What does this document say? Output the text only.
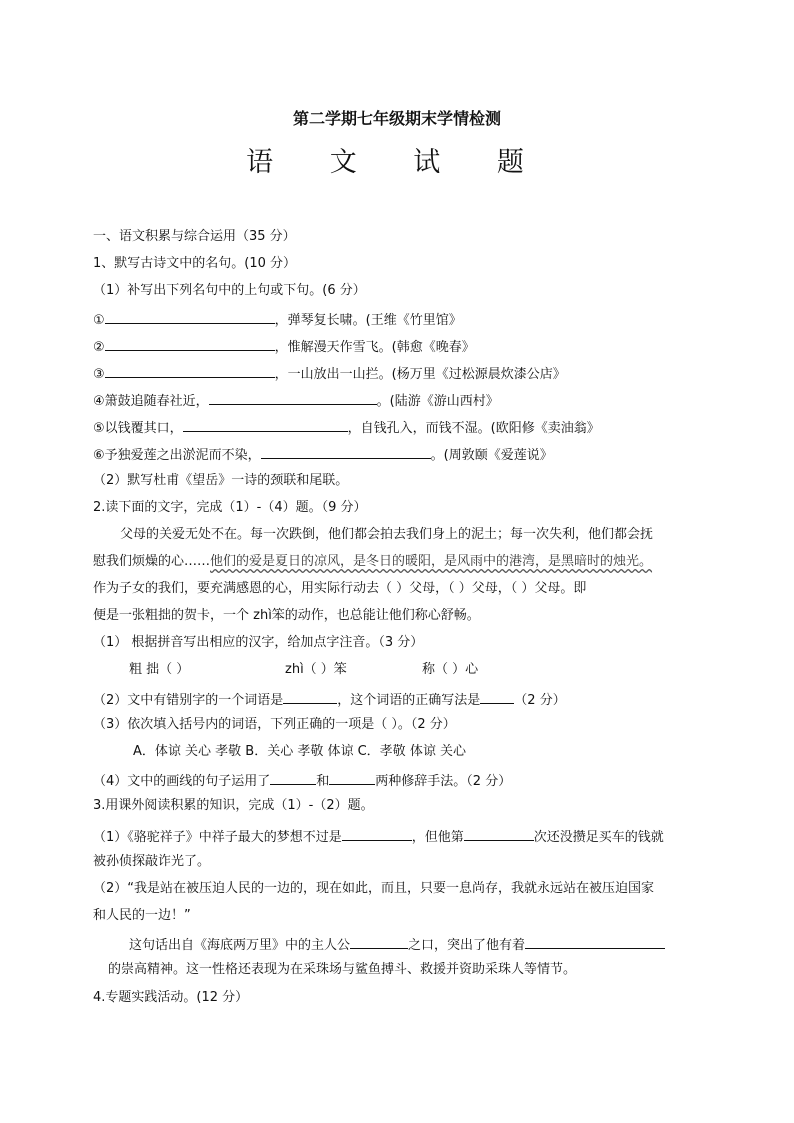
第二学期七年级期末学情检测
语 文 试 题
一、语文积累与综合运用（35 分）
1、默写古诗文中的名句。(10 分）
（1）补写出下列名句中的上句或下句。(6 分）
①	，弹琴复长啸。(王维《竹里馆》
②	，惟解漫天作雪飞。(韩愈《晚春》
③	，一山放出一山拦。(杨万里《过松源晨炊漆公店》
④箫鼓追随春社近，	。(陆游《游山西村》
⑤以钱覆其口，	，自钱孔入，而钱不湿。(欧阳修《卖油翁》
⑥予独爱莲之出淤泥而不染，	。(周敦颐《爱莲说》
（2）默写杜甫《望岳》一诗的颈联和尾联。
2.读下面的文字，完成（1）-（4）题。（9 分）
父母的关爱无处不在。每一次跌倒，他们都会拍去我们身上的泥土；每一次失利，他们都会抚
慰我们烦燥的心……他们的爱是夏日的凉风，是冬日的暖阳，是风雨中的港湾，是黑暗时的烛光。
作为子女的我们，要充满感恩的心，用实际行动去（ ）父母，（ ）父母，（ ）父母。即
便是一张粗拙的贺卡，一个 zhì笨的动作，也总能让他们称心舒畅。
（1） 根据拼音写出相应的汉字，给加点字注音。（3 分）
粗 拙（ ）	zhì（ ）笨	称（ ）心
（2）文中有错别字的一个词语是	，这个词语的正确写法是	（2 分）
（3）依次填入括号内的词语，下列正确的一项是（ ）。（2 分）
A．体谅 关心 孝敬 B．关心 孝敬 体谅 C．孝敬 体谅 关心
（4）文中的画线的句子运用了	和	两种修辞手法。（2 分）
3.用课外阅读积累的知识，完成（1）-（2）题。
（1）《骆驼祥子》中祥子最大的梦想不过是	，但他第	次还没攒足买车的钱就
被孙侦探敲诈光了。
（2）“我是站在被压迫人民的一边的，现在如此，而且，只要一息尚存，我就永远站在被压迫国家
和人民的一边！”
这句话出自《海底两万里》中的主人公	之口，突出了他有着
的崇高精神。这一性格还表现为在采珠场与鲨鱼搏斗、救援并资助采珠人等情节。
4.专题实践活动。(12 分）
